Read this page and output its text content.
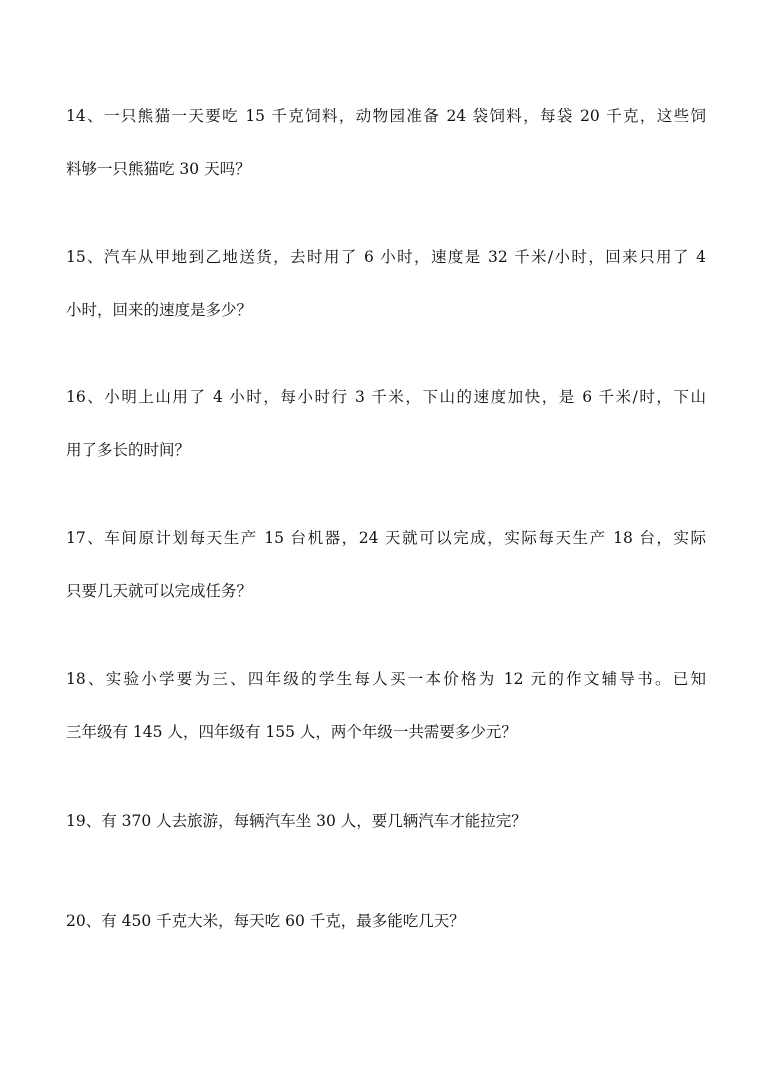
14、一只熊猫一天要吃 15 千克饲料，动物园准备 24 袋饲料，每袋 20 千克，这些饲
料够一只熊猫吃 30 天吗？
15、汽车从甲地到乙地送货，去时用了 6 小时，速度是 32 千米/小时，回来只用了 4
小时，回来的速度是多少？
16、小明上山用了 4 小时，每小时行 3 千米，下山的速度加快，是 6 千米/时，下山
用了多长的时间？
17、车间原计划每天生产 15 台机器，24 天就可以完成，实际每天生产 18 台，实际
只要几天就可以完成任务？
18、实验小学要为三、四年级的学生每人买一本价格为 12 元的作文辅导书。已知
三年级有 145 人，四年级有 155 人，两个年级一共需要多少元？
19、有 370 人去旅游，每辆汽车坐 30 人，要几辆汽车才能拉完？
20、有 450 千克大米，每天吃 60 千克，最多能吃几天？
